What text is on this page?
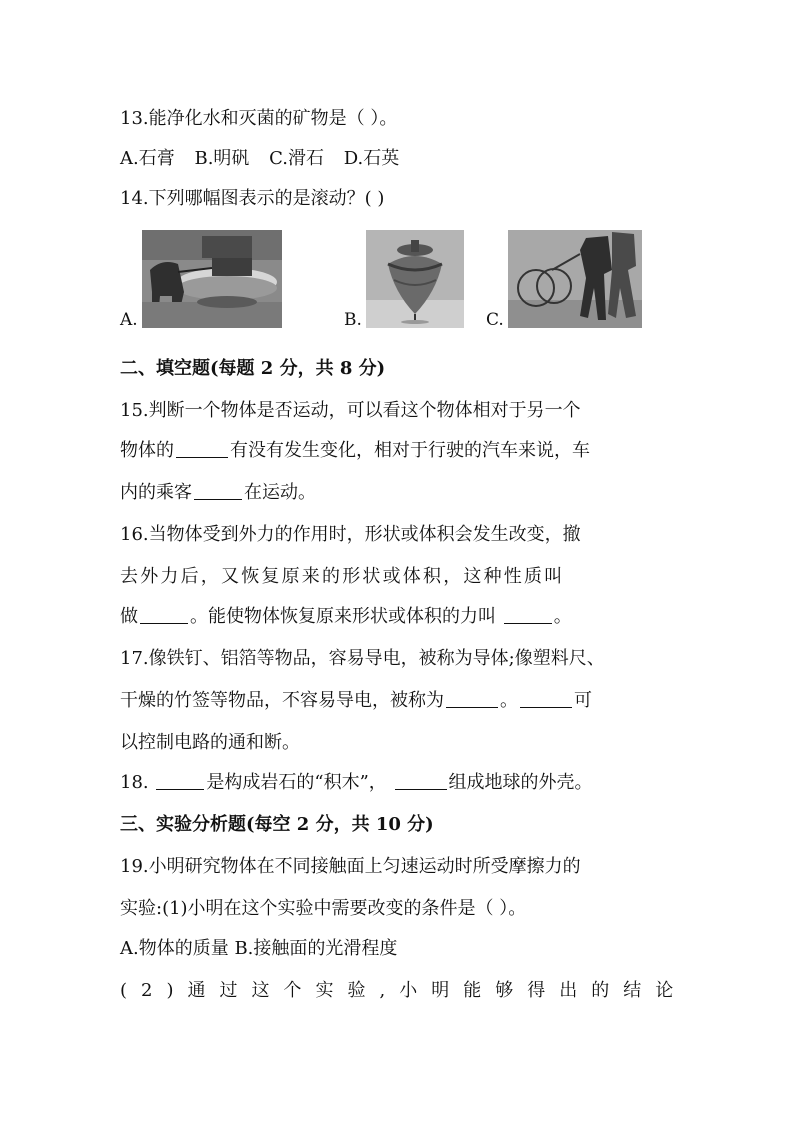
13.能净化水和灭菌的矿物是（ ）。
A.石膏 B.明矾 C.滑石 D.石英
14.下列哪幅图表示的是滚动？( )
A.	B.	C.
二、填空题(每题 2 分，共 8 分)
15.判断一个物体是否运动，可以看这个物体相对于另一个
物体的	有没有发生变化，相对于行驶的汽车来说，车
内的乘客	在运动。
16.当物体受到外力的作用时，形状或体积会发生改变，撤
去外力后，又恢复原来的形状或体积，这种性质叫
做	。能使物体恢复原来形状或体积的力叫	。
17.像铁钉、铝箔等物品，容易导电，被称为导体;像塑料尺、
干燥的竹签等物品，不容易导电，被称为	。	可
以控制电路的通和断。
18.	是构成岩石的“积木”，	组成地球的外壳。
三、实验分析题(每空 2 分，共 10 分)
19.小明研究物体在不同接触面上匀速运动时所受摩擦力的
实验:(1)小明在这个实验中需要改变的条件是（ ）。
A.物体的质量 B.接触面的光滑程度
(2)通过这个实验,小明能够得出的结论
